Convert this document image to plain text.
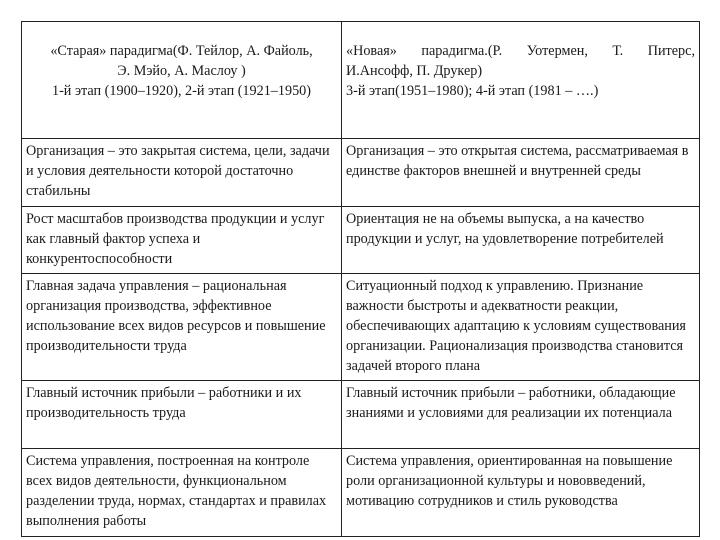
«Старая» парадигма(Ф. Тейлор, А. Файоль,
Э. Мэйо, А. Маслоу )
1-й этап (1900–1920), 2-й этап (1921–1950)	«Новая» парадигма.(Р. Уотермен, Т. Питерс,
И.Ансофф, П. Друкер)
3-й этап(1951–1980); 4-й этап (1981 – ….)

Организация – это закрытая система, цели, задачи и условия деятельности которой достаточно стабильны	Организация – это открытая система, рассматриваемая в единстве факторов внешней и внутренней среды
Рост масштабов производства продукции и услуг как главный фактор успеха и конкурентоспособности	Ориентация не на объемы выпуска, а на качество продукции и услуг, на удовлетворение потребителей
Главная задача управления – рациональная организация производства, эффективное использование всех видов ресурсов и повышение производительности труда	Ситуационный подход к управлению. Признание важности быстроты и адекватности реакции, обеспечивающих адаптацию к условиям существования организации. Рационализация производства становится задачей второго плана
Главный источник прибыли – работники и их производительность труда	Главный источник прибыли – работники, обладающие знаниями и условиями для реализации их потенциала
Система управления, построенная на контроле всех видов деятельности, функциональном разделении труда, нормах, стандартах и правилах выполнения работы	Система управления, ориентированная на повышение роли организационной культуры и нововведений, мотивацию сотрудников и стиль руководства
